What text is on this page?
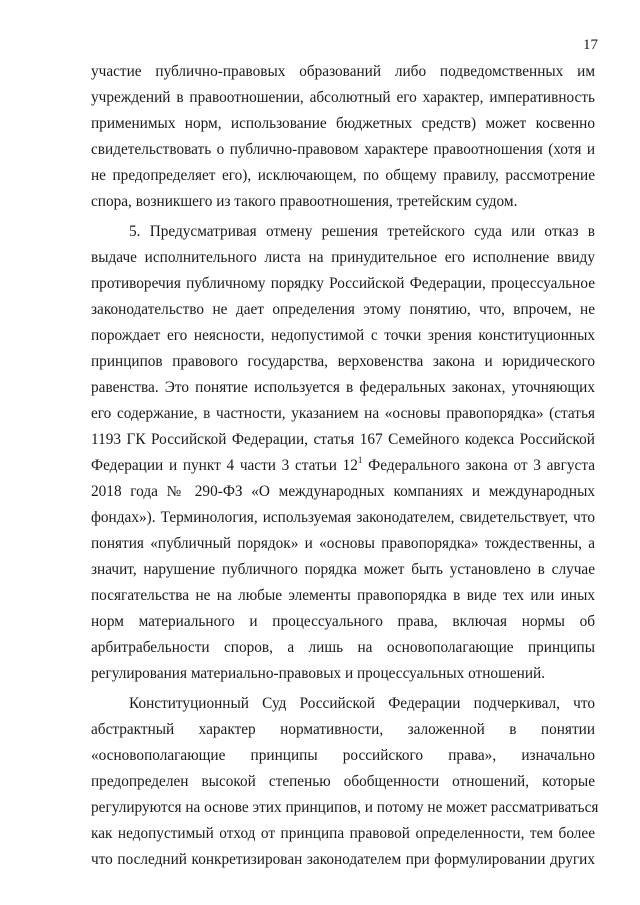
17
участие публично-правовых образований либо подведомственных им
учреждений в правоотношении, абсолютный его характер, императивность
применимых норм, использование бюджетных средств) может косвенно
свидетельствовать о публично-правовом характере правоотношения (хотя и
не предопределяет его), исключающем, по общему правилу, рассмотрение
спора, возникшего из такого правоотношения, третейским судом.
5. Предусматривая отмену решения третейского суда или отказ в
выдаче исполнительного листа на принудительное его исполнение ввиду
противоречия публичному порядку Российской Федерации, процессуальное
законодательство не дает определения этому понятию, что, впрочем, не
порождает его неясности, недопустимой с точки зрения конституционных
принципов правового государства, верховенства закона и юридического
равенства. Это понятие используется в федеральных законах, уточняющих
его содержание, в частности, указанием на «основы правопорядка» (статья
1193 ГК Российской Федерации, статья 167 Семейного кодекса Российской
Федерации и пункт 4 части 3 статьи $12^1$ Федерального закона от 3 августа
2018 года № 290-ФЗ «О международных компаниях и международных
фондах»). Терминология, используемая законодателем, свидетельствует, что
понятия «публичный порядок» и «основы правопорядка» тождественны, а
значит, нарушение публичного порядка может быть установлено в случае
посягательства не на любые элементы правопорядка в виде тех или иных
норм материального и процессуального права, включая нормы об
арбитрабельности споров, а лишь на основополагающие принципы
регулирования материально-правовых и процессуальных отношений.
Конституционный Суд Российской Федерации подчеркивал, что
абстрактный характер нормативности, заложенной в понятии
«основополагающие принципы российского права», изначально
предопределен высокой степенью обобщенности отношений, которые
регулируются на основе этих принципов, и потому не может рассматриваться
как недопустимый отход от принципа правовой определенности, тем более
что последний конкретизирован законодателем при формулировании других
